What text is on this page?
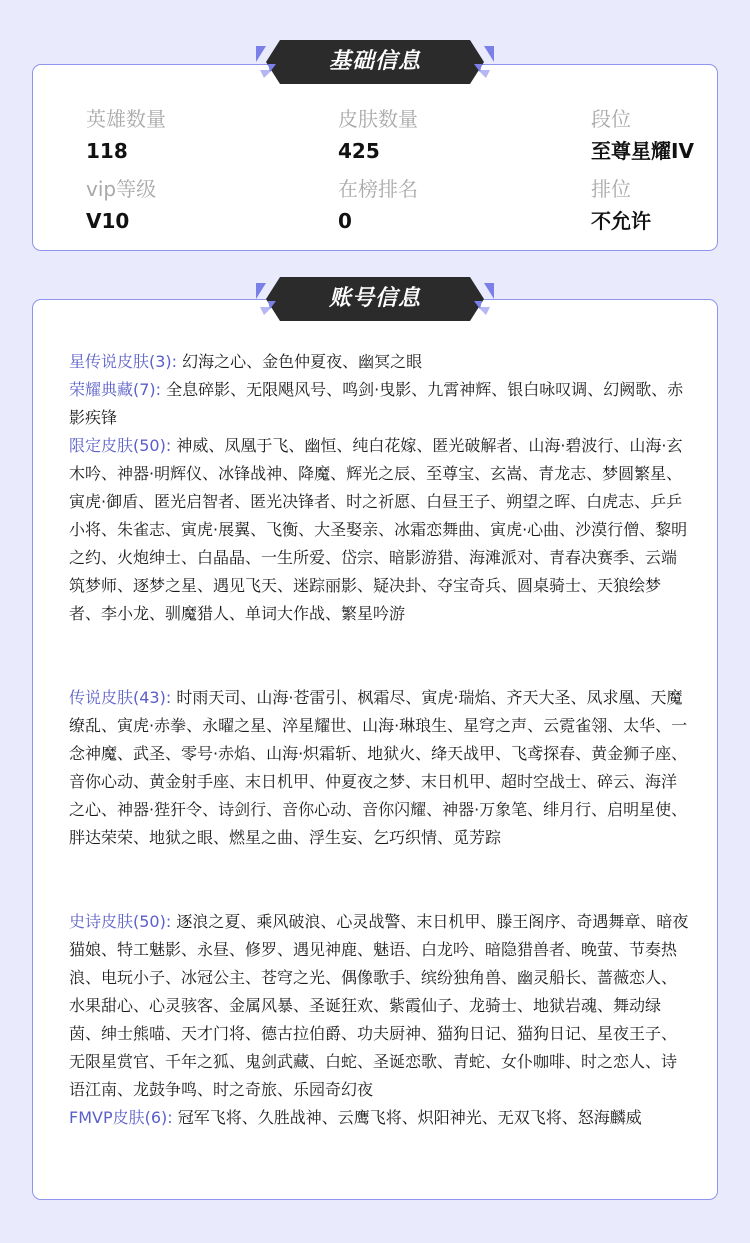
英雄数量
118
皮肤数量
425
段位
至尊星耀IV
vip等级
V10
在榜排名
0
排位
不允许
基础信息
星传说皮肤(3): 幻海之心、金色仲夏夜、幽冥之眼
荣耀典藏(7): 全息碎影、无限飓风号、鸣剑·曳影、九霄神辉、银白咏叹调、幻阙歌、赤影疾锋
限定皮肤(50): 神威、凤凰于飞、幽恒、纯白花嫁、匿光破解者、山海·碧波行、山海·玄木吟、神器·明辉仪、冰锋战神、降魔、辉光之辰、至尊宝、玄嵩、青龙志、梦圆繁星、寅虎·御盾、匿光启智者、匿光决锋者、时之祈愿、白昼王子、朔望之晖、白虎志、乒乒小将、朱雀志、寅虎·展翼、飞衡、大圣娶亲、冰霜恋舞曲、寅虎·心曲、沙漠行僧、黎明之约、火炮绅士、白晶晶、一生所爱、岱宗、暗影游猎、海滩派对、青春决赛季、云端筑梦师、逐梦之星、遇见飞天、迷踪丽影、疑决卦、夺宝奇兵、圆桌骑士、天狼绘梦者、李小龙、驯魔猎人、单词大作战、繁星吟游
传说皮肤(43): 时雨天司、山海·苍雷引、枫霜尽、寅虎·瑞焰、齐天大圣、凤求凰、天魔缭乱、寅虎·赤拳、永曜之星、淬星耀世、山海·琳琅生、星穹之声、云霓雀翎、太华、一念神魔、武圣、零号·赤焰、山海·炽霜斩、地狱火、绛天战甲、飞鸢探春、黄金狮子座、音你心动、黄金射手座、末日机甲、仲夏夜之梦、末日机甲、超时空战士、碎云、海洋之心、神器·狴犴令、诗剑行、音你心动、音你闪耀、神器·万象笔、绯月行、启明星使、胖达荣荣、地狱之眼、燃星之曲、浮生妄、乞巧织情、觅芳踪
史诗皮肤(50): 逐浪之夏、乘风破浪、心灵战警、末日机甲、滕王阁序、奇遇舞章、暗夜猫娘、特工魅影、永昼、修罗、遇见神鹿、魅语、白龙吟、暗隐猎兽者、晚萤、节奏热浪、电玩小子、冰冠公主、苍穹之光、偶像歌手、缤纷独角兽、幽灵船长、蔷薇恋人、水果甜心、心灵骇客、金属风暴、圣诞狂欢、紫霞仙子、龙骑士、地狱岩魂、舞动绿茵、绅士熊喵、天才门将、德古拉伯爵、功夫厨神、猫狗日记、猫狗日记、星夜王子、无限星赏官、千年之狐、鬼剑武藏、白蛇、圣诞恋歌、青蛇、女仆咖啡、时之恋人、诗语江南、龙鼓争鸣、时之奇旅、乐园奇幻夜
FMVP皮肤(6): 冠军飞将、久胜战神、云鹰飞将、炽阳神光、无双飞将、怒海麟威
账号信息
